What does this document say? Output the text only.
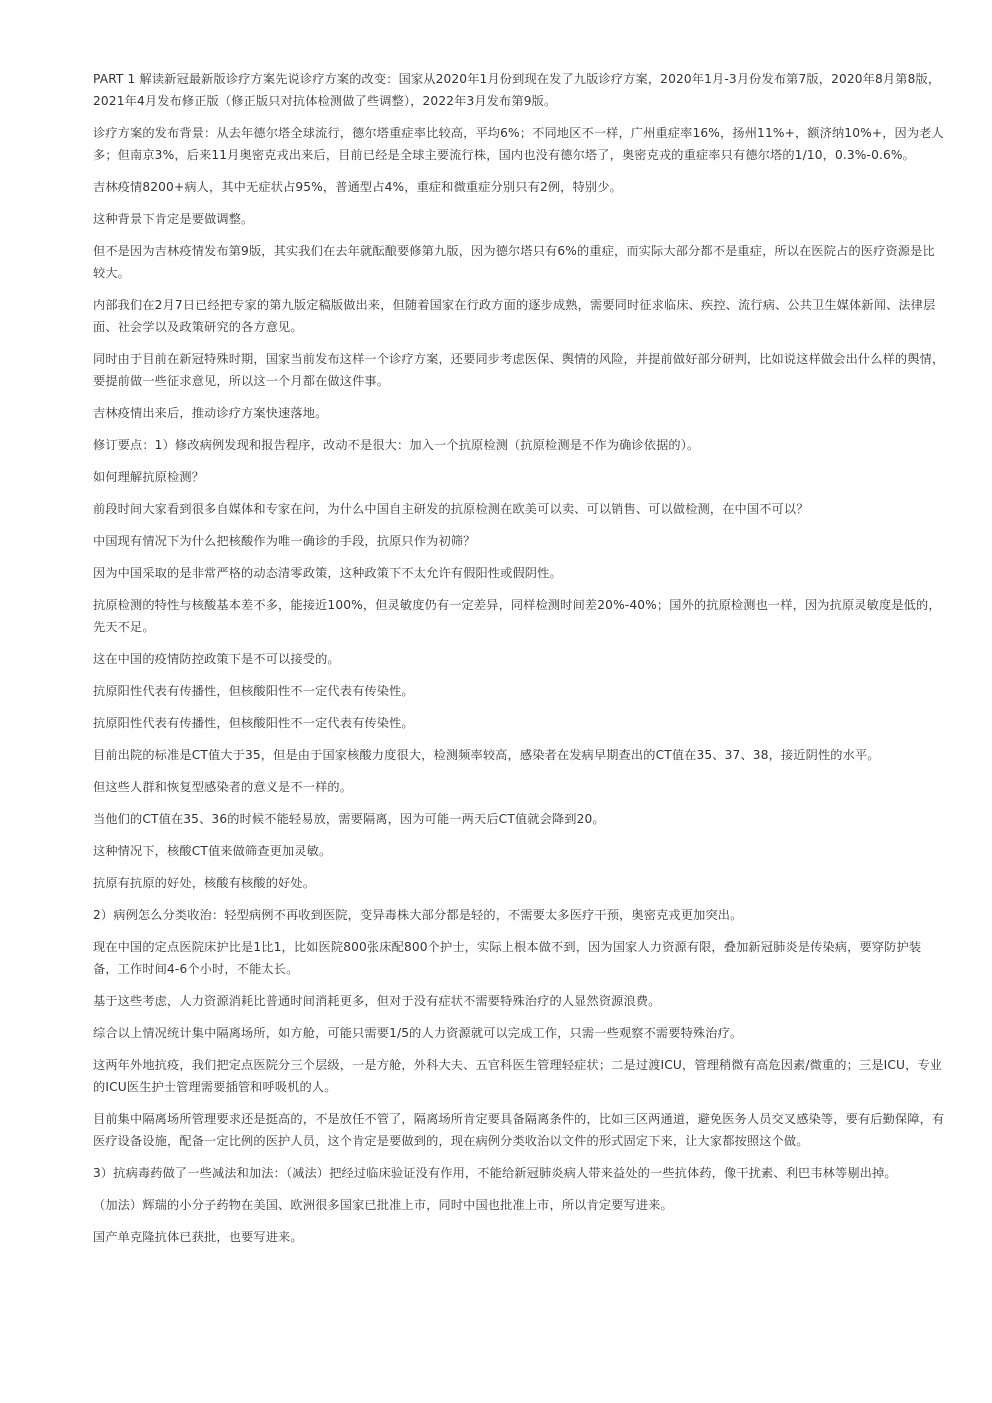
PART 1 解读新冠最新版诊疗方案先说诊疗方案的改变：国家从2020年1月份到现在发了九版诊疗方案，2020年1月-3月份发布第7版，2020年8月第8版，2021年4月发布修正版（修正版只对抗体检测做了些调整），2022年3月发布第9版。

诊疗方案的发布背景：从去年德尔塔全球流行，德尔塔重症率比较高，平均6%；不同地区不一样，广州重症率16%，扬州11%+，额济纳10%+，因为老人多；但南京3%，后来11月奥密克戎出来后，目前已经是全球主要流行株，国内也没有德尔塔了，奥密克戎的重症率只有德尔塔的1/10，0.3%-0.6%。

吉林疫情8200+病人，其中无症状占95%，普通型占4%，重症和微重症分别只有2例，特别少。

这种背景下肯定是要做调整。

但不是因为吉林疫情发布第9版，其实我们在去年就酝酿要修第九版，因为德尔塔只有6%的重症，而实际大部分都不是重症，所以在医院占的医疗资源是比较大。

内部我们在2月7日已经把专家的第九版定稿版做出来，但随着国家在行政方面的逐步成熟，需要同时征求临床、疾控、流行病、公共卫生媒体新闻、法律层面、社会学以及政策研究的各方意见。

同时由于目前在新冠特殊时期，国家当前发布这样一个诊疗方案，还要同步考虑医保、舆情的风险，并提前做好部分研判，比如说这样做会出什么样的舆情，要提前做一些征求意见，所以这一个月都在做这件事。

吉林疫情出来后，推动诊疗方案快速落地。

修订要点：1）修改病例发现和报告程序，改动不是很大：加入一个抗原检测（抗原检测是不作为确诊依据的）。

如何理解抗原检测？

前段时间大家看到很多自媒体和专家在问，为什么中国自主研发的抗原检测在欧美可以卖、可以销售、可以做检测，在中国不可以？

中国现有情况下为什么把核酸作为唯一确诊的手段，抗原只作为初筛？

因为中国采取的是非常严格的动态清零政策，这种政策下不太允许有假阳性或假阴性。

抗原检测的特性与核酸基本差不多，能接近100%，但灵敏度仍有一定差异，同样检测时间差20%-40%；国外的抗原检测也一样，因为抗原灵敏度是低的，先天不足。

这在中国的疫情防控政策下是不可以接受的。

抗原阳性代表有传播性，但核酸阳性不一定代表有传染性。

抗原阳性代表有传播性，但核酸阳性不一定代表有传染性。

目前出院的标准是CT值大于35，但是由于国家核酸力度很大，检测频率较高，感染者在发病早期查出的CT值在35、37、38，接近阴性的水平。

但这些人群和恢复型感染者的意义是不一样的。

当他们的CT值在35、36的时候不能轻易放，需要隔离，因为可能一两天后CT值就会降到20。

这种情况下，核酸CT值来做筛查更加灵敏。

抗原有抗原的好处，核酸有核酸的好处。

2）病例怎么分类收治：轻型病例不再收到医院，变异毒株大部分都是轻的，不需要太多医疗干预，奥密克戎更加突出。

现在中国的定点医院床护比是1比1，比如医院800张床配800个护士，实际上根本做不到，因为国家人力资源有限，叠加新冠肺炎是传染病，要穿防护装备，工作时间4-6个小时，不能太长。

基于这些考虑，人力资源消耗比普通时间消耗更多，但对于没有症状不需要特殊治疗的人显然资源浪费。

综合以上情况统计集中隔离场所，如方舱，可能只需要1/5的人力资源就可以完成工作，只需一些观察不需要特殊治疗。

这两年外地抗疫，我们把定点医院分三个层级，一是方舱，外科大夫、五官科医生管理轻症状；二是过渡ICU，管理稍微有高危因素/微重的；三是ICU，专业的ICU医生护士管理需要插管和呼吸机的人。

目前集中隔离场所管理要求还是挺高的，不是放任不管了，隔离场所肯定要具备隔离条件的，比如三区两通道，避免医务人员交叉感染等，要有后勤保障，有医疗设备设施，配备一定比例的医护人员，这个肯定是要做到的，现在病例分类收治以文件的形式固定下来，让大家都按照这个做。

3）抗病毒药做了一些减法和加法：（减法）把经过临床验证没有作用，不能给新冠肺炎病人带来益处的一些抗体药，像干扰素、利巴韦林等剔出掉。

（加法）辉瑞的小分子药物在美国、欧洲很多国家已批准上市，同时中国也批准上市，所以肯定要写进来。

国产单克隆抗体已获批，也要写进来。
